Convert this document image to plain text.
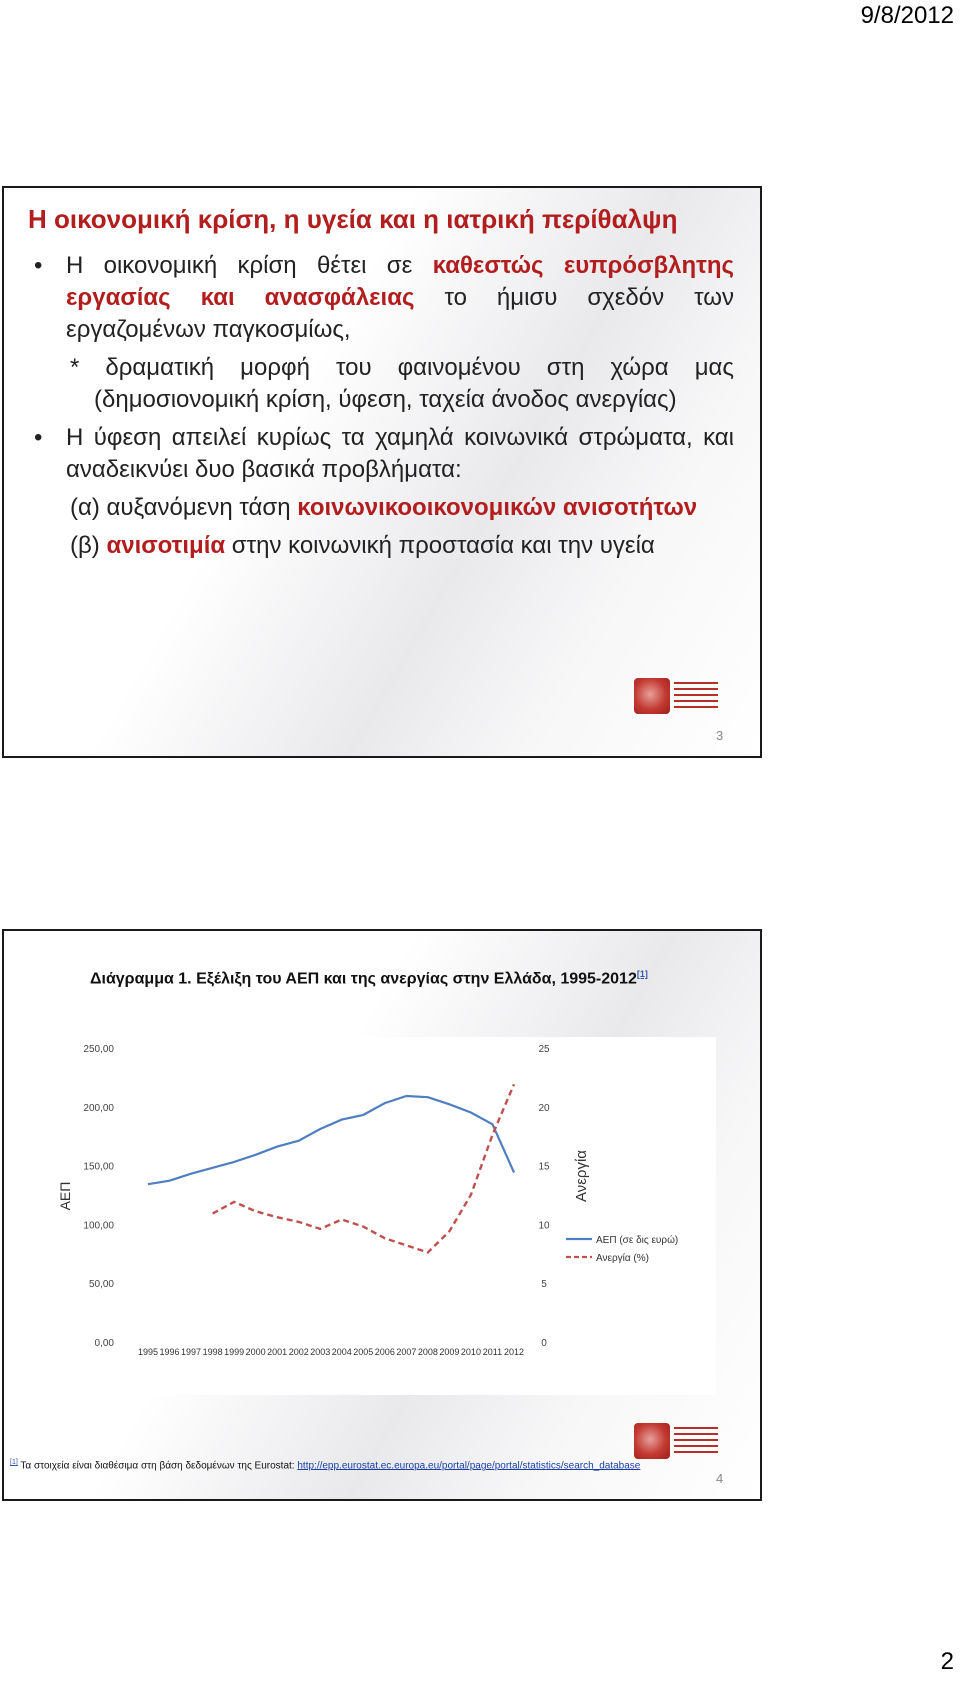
9/8/2012
Η οικονομική κρίση, η υγεία και η ιατρική περίθαλψη
• Η οικονομική κρίση θέτει σε καθεστώς ευπρόσβλητης εργασίας και ανασφάλειας το ήμισυ σχεδόν των εργαζομένων παγκοσμίως,
* δραματική μορφή του φαινομένου στη χώρα μας (δημοσιονομική κρίση, ύφεση, ταχεία άνοδος ανεργίας)
• Η ύφεση απειλεί κυρίως τα χαμηλά κοινωνικά στρώματα, και αναδεικνύει δυο βασικά προβλήματα:
(α) αυξανόμενη τάση κοινωνικοοικονομικών ανισοτήτων
(β) ανισοτιμία στην κοινωνική προστασία και την υγεία
3
Διάγραμμα 1. Εξέλιξη του ΑΕΠ και της ανεργίας στην Ελλάδα, 1995-2012[1]
0,00
50,00
100,00
150,00
200,00
250,00
0
5
10
15
20
25
1995 1996 1997 1998 1999 2000 2001 2002 2003 2004 2005 2006 2007 2008 2009 2010 2011 2012
ΑΕΠ	Ανεργία
ΑΕΠ (σε δις ευρώ)
Ανεργία (%)
[1] Τα στοιχεία είναι διαθέσιμα στη βάση δεδομένων της Eurostat: http://epp.eurostat.ec.europa.eu/portal/page/portal/statistics/search_database
4
2
